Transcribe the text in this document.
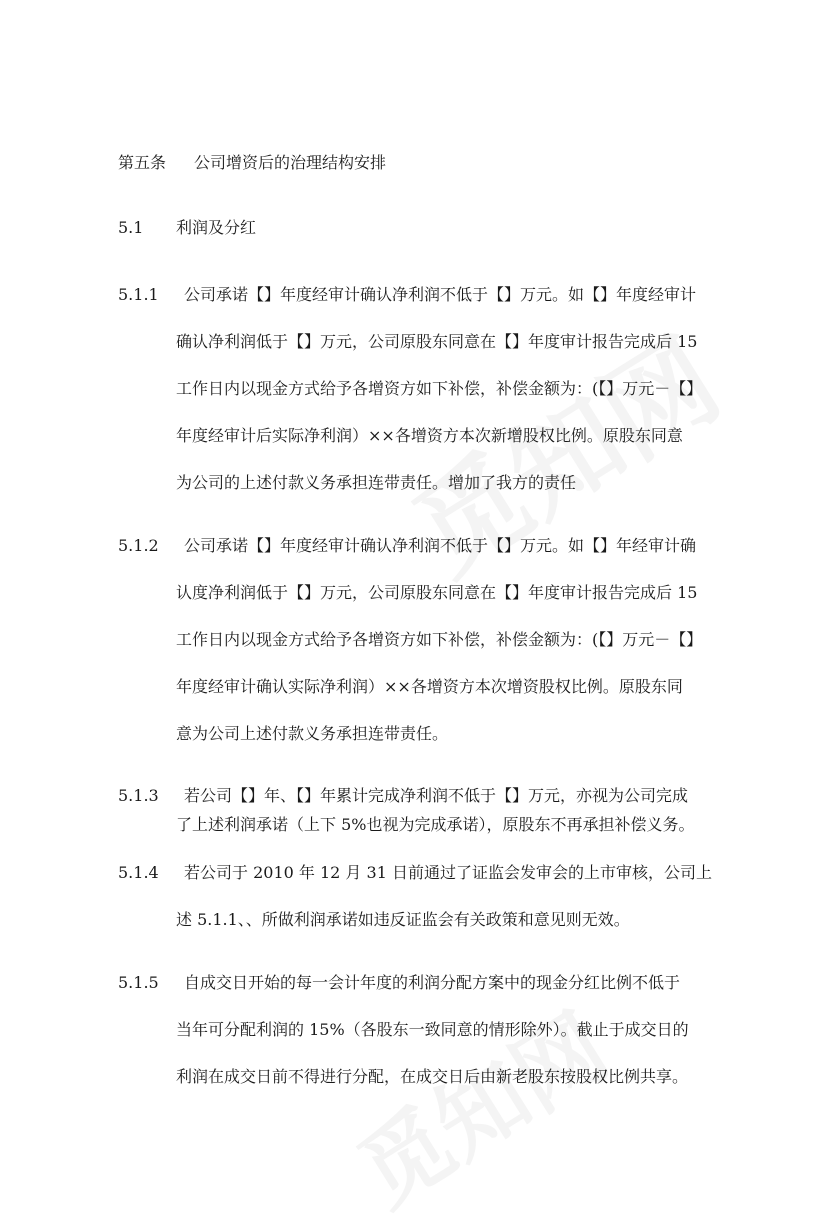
第五条 公司增资后的治理结构安排
5.1 利润及分红
5.1.1	公司承诺【】年度经审计确认净利润不低于【】万元。如【】年度经审计
确认净利润低于【】万元，公司原股东同意在【】年度审计报告完成后 15
工作日内以现金方式给予各增资方如下补偿，补偿金额为：(【】万元－【】
年度经审计后实际净利润）××各增资方本次新增股权比例。原股东同意
为公司的上述付款义务承担连带责任。增加了我方的责任
5.1.2	公司承诺【】年度经审计确认净利润不低于【】万元。如【】年经审计确
认度净利润低于【】万元，公司原股东同意在【】年度审计报告完成后 15
工作日内以现金方式给予各增资方如下补偿，补偿金额为：(【】万元－【】
年度经审计确认实际净利润）××各增资方本次增资股权比例。原股东同
意为公司上述付款义务承担连带责任。
5.1.3	若公司【】年、【】年累计完成净利润不低于【】万元，亦视为公司完成
了上述利润承诺（上下 5%也视为完成承诺），原股东不再承担补偿义务。
5.1.4	若公司于 2010 年 12 月 31 日前通过了证监会发审会的上市审核，公司上
述 5.1.1、、所做利润承诺如违反证监会有关政策和意见则无效。
5.1.5	自成交日开始的每一会计年度的利润分配方案中的现金分红比例不低于
当年可分配利润的 15%（各股东一致同意的情形除外）。截止于成交日的
利润在成交日前不得进行分配，在成交日后由新老股东按股权比例共享。
